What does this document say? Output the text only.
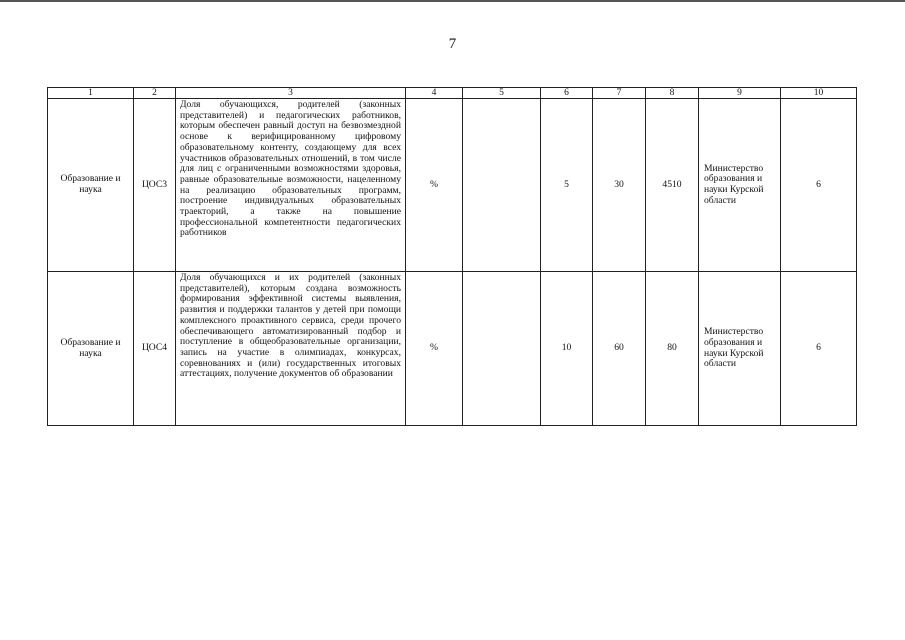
7
1	2	3	4	5	6	7	8	9	10
Образование и наука	ЦОС3	Доля обучающихся, родителей (законных представителей) и педагогических работников, которым обеспечен равный доступ на безвозмездной основе к верифицированному цифровому образовательному контенту, создающему для всех участников образовательных отношений, в том числе для лиц с ограниченными возможностями здоровья, равные образовательные возможности, нацеленному на реализацию образовательных программ, построение индивидуальных образовательных траекторий, а также на повышение профессиональной компетентности педагогических работников	%		5	30	4510	Министерство образования и науки Курской области	6
Образование и наука	ЦОС4	Доля обучающихся и их родителей (законных представителей), которым создана возможность формирования эффективной системы выявления, развития и поддержки талантов у детей при помощи комплексного проактивного сервиса, среди прочего обеспечивающего автоматизированный подбор и поступление в общеобразовательные организации, запись на участие в олимпиадах, конкурсах, соревнованиях и (или) государственных итоговых аттестациях, получение документов об образовании	%		10	60	80	Министерство образования и науки Курской области	6
